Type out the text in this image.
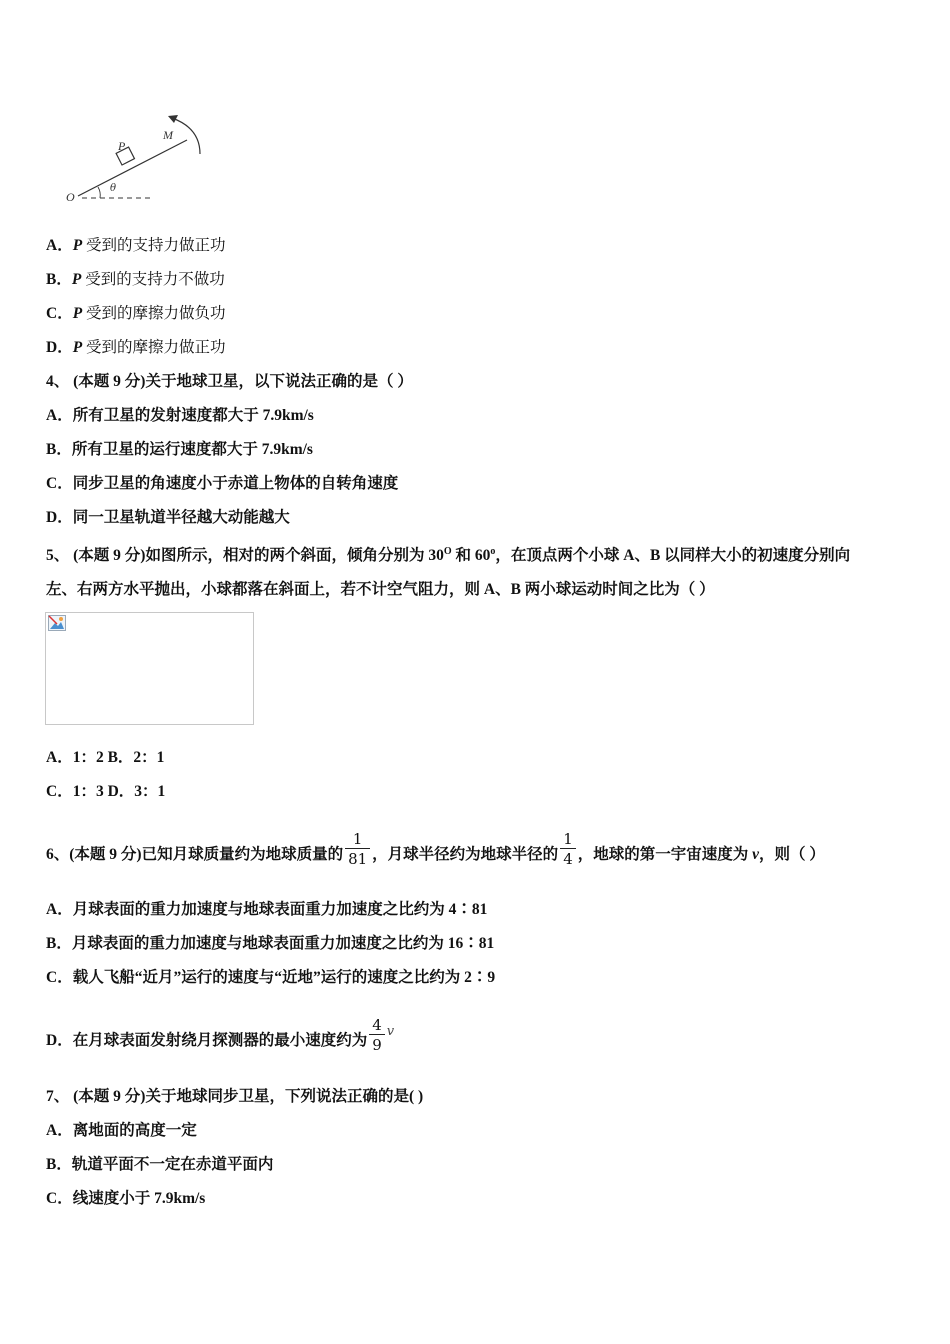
P
M
O
θ
A．P 受到的支持力做正功
B．P 受到的支持力不做功
C．P 受到的摩擦力做负功
D．P 受到的摩擦力做正功
4、 (本题 9 分)关于地球卫星，以下说法正确的是（ ）
A．所有卫星的发射速度都大于 7.9km/s
B．所有卫星的运行速度都大于 7.9km/s
C．同步卫星的角速度小于赤道上物体的自转角速度
D．同一卫星轨道半径越大动能越大
5、 (本题 9 分)如图所示，相对的两个斜面，倾角分别为 $30^O$ 和 60$^o$，在顶点两个小球 A、B 以同样大小的初速度分别向
左、右两方水平抛出，小球都落在斜面上，若不计空气阻力，则 A、B 两小球运动时间之比为（ ）
A．1：2 B．2：1
C．1：3 D．3：1
6、(本题 9 分)已知月球质量约为地球质量的 $\frac{1}{81}$ ，月球半径约为地球半径的 $\frac{1}{4}$ ，地球的第一宇宙速度为 v，则（ ）
A．月球表面的重力加速度与地球表面重力加速度之比约为 4∶81
B．月球表面的重力加速度与地球表面重力加速度之比约为 16∶81
C．载人飞船“近月”运行的速度与“近地”运行的速度之比约为 2∶9
D．在月球表面发射绕月探测器的最小速度约为 $\frac{4}{9} ^v$
7、 (本题 9 分)关于地球同步卫星，下列说法正确的是( )
A．离地面的高度一定
B．轨道平面不一定在赤道平面内
C．线速度小于 7.9km/s
